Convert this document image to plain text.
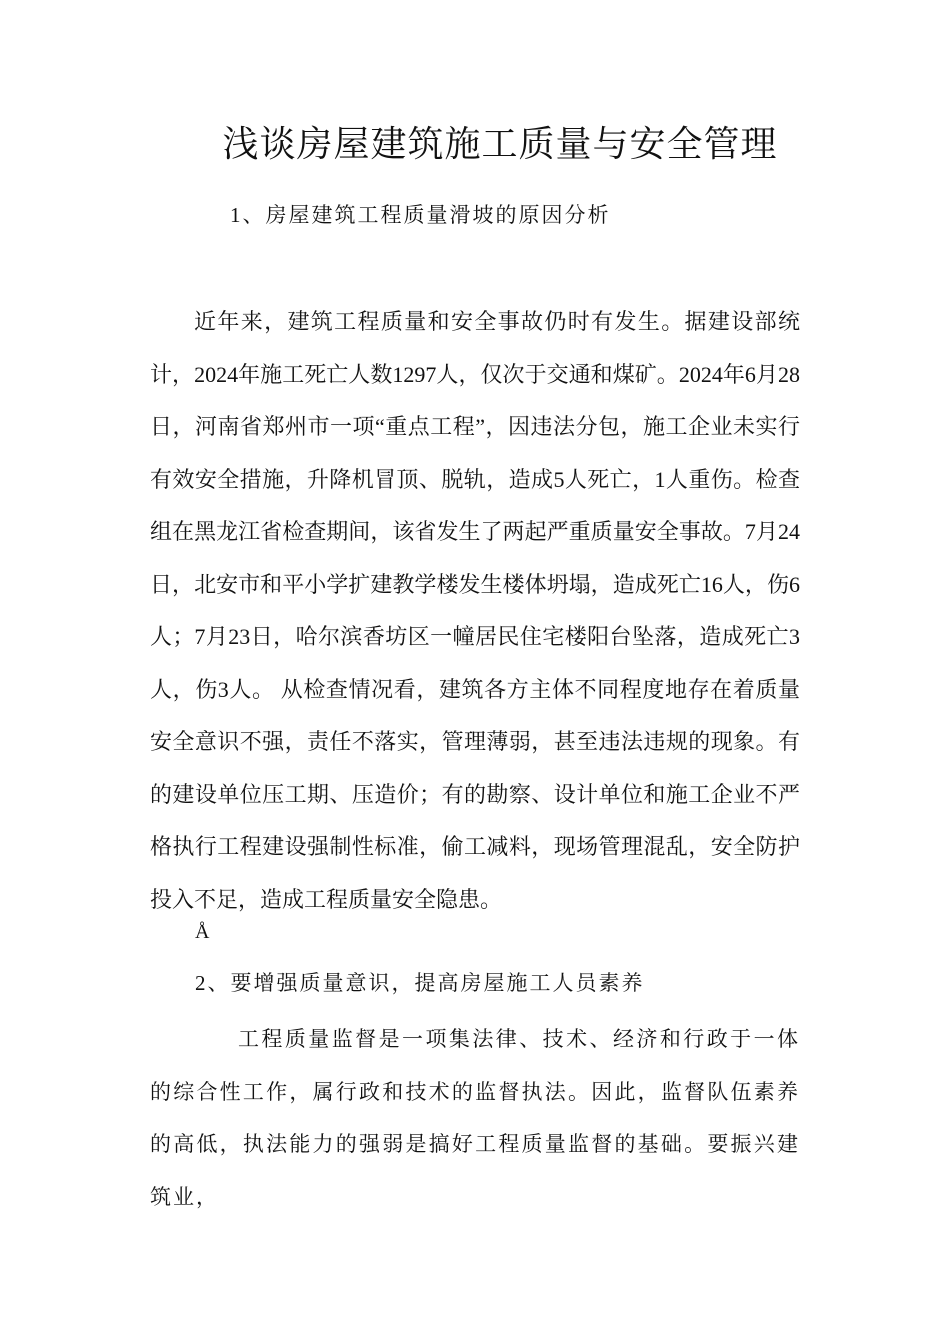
浅谈房屋建筑施工质量与安全管理
1、房屋建筑工程质量滑坡的原因分析

近年来，建筑工程质量和安全事故仍时有发生。据建设部统计，2024年施工死亡人数1297人，仅次于交通和煤矿。2024年6月28日，河南省郑州市一项“重点工程”，因违法分包，施工企业未实行有效安全措施，升降机冒顶、脱轨，造成5人死亡，1人重伤。检查组在黑龙江省检查期间，该省发生了两起严重质量安全事故。7月24日，北安市和平小学扩建教学楼发生楼体坍塌，造成死亡16人，伤6人；7月23日，哈尔滨香坊区一幢居民住宅楼阳台坠落，造成死亡3人，伤3人。 从检查情况看，建筑各方主体不同程度地存在着质量安全意识不强，责任不落实，管理薄弱，甚至违法违规的现象。有的建设单位压工期、压造价；有的勘察、设计单位和施工企业不严格执行工程建设强制性标准，偷工减料，现场管理混乱，安全防护投入不足，造成工程质量安全隐患。

Å
2、要增强质量意识，提高房屋施工人员素养

工程质量监督是一项集法律、技术、经济和行政于一体的综合性工作，属行政和技术的监督执法。因此，监督队伍素养的高低，执法能力的强弱是搞好工程质量监督的基础。要振兴建筑业，
